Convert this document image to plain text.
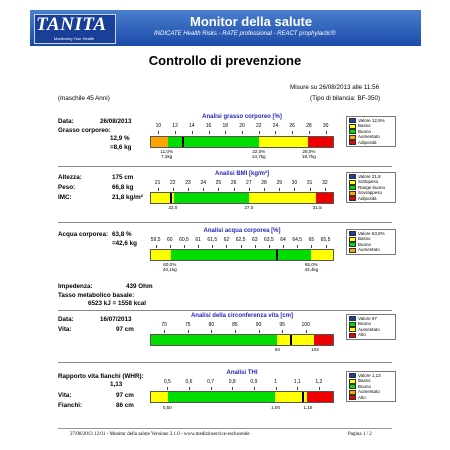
TANITA
Monitoring Your Health
Monitor della salute
INDICATE Health Risks - RATE professional - REACT prophylactic®
Controllo di prevenzione
Misure su 26/08/2013 alle 11:56
(maschile 45 Anni)	(Tipo di bilancia: BF-350)
Data:	26/08/2013
Grasso corporeo:
12,9 %
=8,6 kg
Analisi grasso corporeo [%]
10	12	14	16	18	20	22	24	26	28	30
11,0%
7,3kg
22,0%
14,7kg
28,0%
18,7kg
Valore 12,9%
Basso
Buono
Aumentato
Adiposità
Altezza:	175 cm
Peso:	66,8 kg
IMC:	21,8 kg/m²
Analisi BMI [kg/m²]
21	22	23	24	25	26	27	28	29	30	31	32
22,0	27,0	31,5
Valore 21,8
Sottopeso
Range buono
Sovrappeso
Adiposità
Acqua corporea: 63,8 %
=42,6 kg
Analisi acqua corporea [%]
59,5	60	60,5	61	61,5	62	62,5	63	63,5	64	64,5	65	65,5
60,0%
40,1kg
65,0%
43,4kg
Valore 63,8%
Basso
Buono
Aumentato
Impedenza:	439 Ohm
Tasso metabolico basale:
6523 kJ = 1558 kcal
Data:	16/07/2013
Vita:	97 cm
Analisi della circonferenza vita [cm]
70	75	80	85	90	95	100
94	102
Valore 97
Buono
Aumentato
Alto
Rapporto vita fianchi (WHR):
1,13
Vita:	97 cm
Fianchi:	86 cm
Analisi THI
0,5	0,6	0,7	0,8	0,9	1	1,1	1,2
0,50	1,00	1,15
Valore 1,13
Basso
Buono
Aumentato
Alto
27/08/2013 12:01 - Monitor della salute Versione 3.1.0 - www.medizinservice-eschwende	Pagina 1 / 2
